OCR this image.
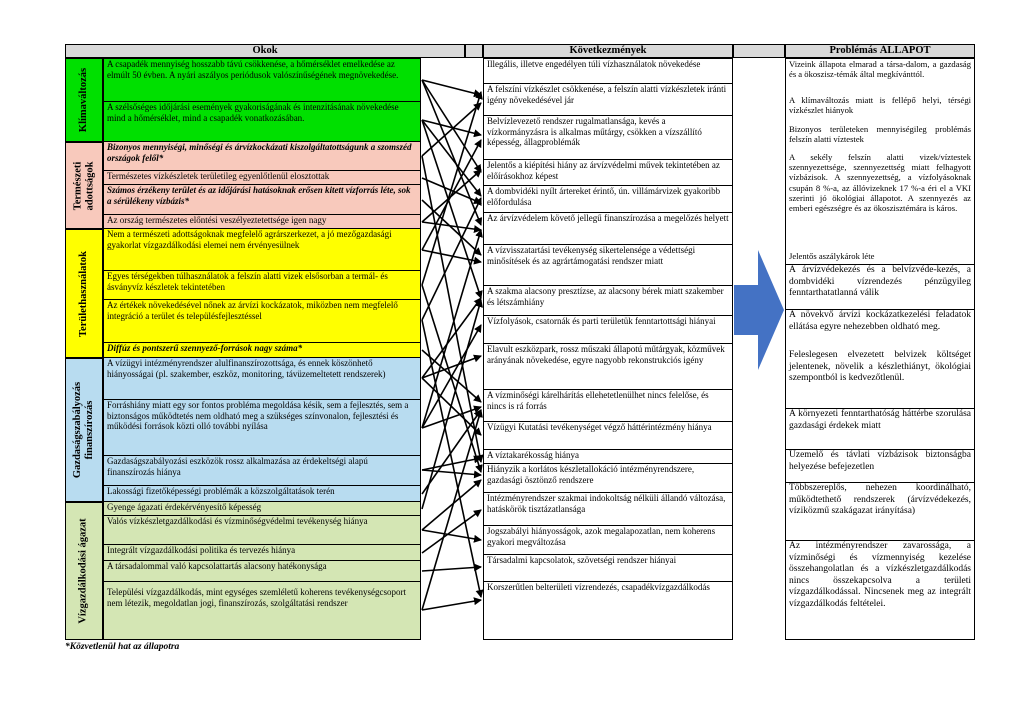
Okok	Következmények	Problémás ÁLLAPOT
Klímaváltozás
Természeti adottságok
Területhasználatok
Gazdaságszabályozás finanszírozás
Vízgazdálkodási ágazat
A csapadék mennyiség hosszabb távú csökkenése, a hőmérséklet emelkedése az elmúlt 50 évben. A nyári aszályos periódusok valószínűségének megnövekedése.
A szélsőséges időjárási események gyakoriságának és intenzitásának növekedése mind a hőmérséklet, mind a csapadék vonatkozásában.
Bizonyos mennyiségi, minőségi és árvízkockázati kiszolgáltatottságunk a szomszéd országok felől*
Természetes vízkészletek területileg egyenlőtlenül elosztottak
Számos érzékeny terület és az időjárási hatásoknak erősen kitett vízforrás léte, sok a sérülékeny vízbázis*
Az ország természetes előntési veszélyeztetettsége igen nagy
Nem a természeti adottságoknak megfelelő agrárszerkezet, a jó mezőgazdasági gyakorlat vízgazdálkodási elemei nem érvényesülnek
Egyes térségekben túlhasználatok a felszín alatti vizek elsősorban a termál- és ásványvíz készletek tekintetében
Az értékek növekedésével nőnek az árvízi kockázatok, miközben nem megfelelő integráció a terület és településfejlesztéssel
Diffúz és pontszerű szennyező-források nagy száma*
A vízügyi intézményrendszer alulfinanszírozottsága, és ennek köszönhető hiányosságai (pl. szakember, eszköz, monitoring, távüzemeltetett rendszerek)
Forráshiány miatt egy sor fontos probléma megoldása késik, sem a fejlesztés, sem a biztonságos működtetés nem oldható meg a szükséges színvonalon, fejlesztési és működési források közti olló további nyílása
Gazdaságszabályozási eszközök rossz alkalmazása az érdekeltségi alapú finanszírozás hiánya
Lakossági fizetőképességi problémák a közszolgáltatások terén
Gyenge ágazati érdekérvényesítő képesség
Valós vízkészletgazdálkodási és vízminőségvédelmi tevékenység hiánya
Integrált vízgazdálkodási politika és tervezés hiánya
A társadalommal való kapcsolattartás alacsony hatékonysága
Települési vízgazdálkodás, mint egységes szemléletű koherens tevékenységcsoport nem létezik, megoldatlan jogi, finanszírozás, szolgáltatási rendszer
Illegális, illetve engedélyen túli vízhasználatok növekedése
A felszíni vízkészlet csökkenése, a felszín alatti vízkészletek iránti igény növekedésével jár
Belvízlevezető rendszer rugalmatlansága, kevés a vízkormányzásra is alkalmas műtárgy, csökken a vízszállító képesség, állagproblémák
Jelentős a kiépítési hiány az árvízvédelmi művek tekintetében az előírásokhoz képest
A dombvidéki nyílt ártereket érintő, ún. villámárvizek gyakoribb előfordulása
Az árvízvédelem követő jellegű finanszírozása a megelőzés helyett
A vízvisszatartási tevékenység sikertelensége a védettségi minősítések és az agrártámogatási rendszer miatt
A szakma alacsony presztízse, az alacsony bérek miatt szakember és létszámhiány
Vízfolyások, csatornák és parti területük fenntartottsági hiányai
Elavult eszközpark, rossz műszaki állapotú műtárgyak, közművek arányának növekedése, egyre nagyobb rekonstrukciós igény
A vízminőségi kárelhárítás ellehetetlenülhet nincs felelőse, és nincs is rá forrás
Vízügyi Kutatási tevékenységet végző háttérintézmény hiánya
A víztakarékosság hiánya
Hiányzik a korlátos készletallokáció intézményrendszere, gazdasági ösztönző rendszere
Intézményrendszer szakmai indokoltság nélküli állandó változása, hatáskörök tisztázatlansága
Jogszabályi hiányosságok, azok megalapozatlan, nem koherens gyakori megváltozása
Társadalmi kapcsolatok, szövetségi rendszer hiányai
Korszerűtlen belterületi vízrendezés, csapadékvízgazdálkodás
Vizeink állapota elmarad a társa-dalom, a gazdaság és a ökoszisz-témák által megkívánttól.
A klímaváltozás miatt is fellépő helyi, térségi vízkészlet hiányok
Bizonyos területeken mennyiségileg problémás felszín alatti víztestek
A sekély felszín alatti vizek/víztestek szennyezettsége, szennyezettség miatt felhagyott vízbázisok. A szennyezettség, a vízfolyásoknak csupán 8 %-a, az állóvizeknek 17 %-a éri el a VKI szerinti jó ökológiai állapotot. A szennyezés az emberi egészségre és az ökoszisztémára is káros.
Jelentős aszálykárok léte
A árvízvédekezés és a belvízvéde-kezés, a dombvidéki vízrendezés pénzügyileg fenntarthatatlanná válik
A növekvő árvízi kockázatkezelési feladatok ellátása egyre nehezebben oldható meg.
Feleslegesen elvezetett belvizek költséget jelentenek, növelik a készlethiányt, ökológiai szempontból is kedvezőtlenül.
A környezeti fenntarthatóság háttérbe szorulása gazdasági érdekek miatt
Üzemelő és távlati vízbázisok biztonságba helyezése befejezetlen
Többszereplős, nehezen koordinálható, működtethető rendszerek (árvízvédekezés, víziközmű szakágazat irányítása)
Az intézményrendszer zavarossága, a vízminőségi és vízmennyiség kezelése összehangolatlan és a vízkészletgazdálkodás nincs összekapcsolva a területi vízgazdálkodással. Nincsenek meg az integrált vízgazdálkodás feltételei.
*Közvetlenül hat az állapotra
